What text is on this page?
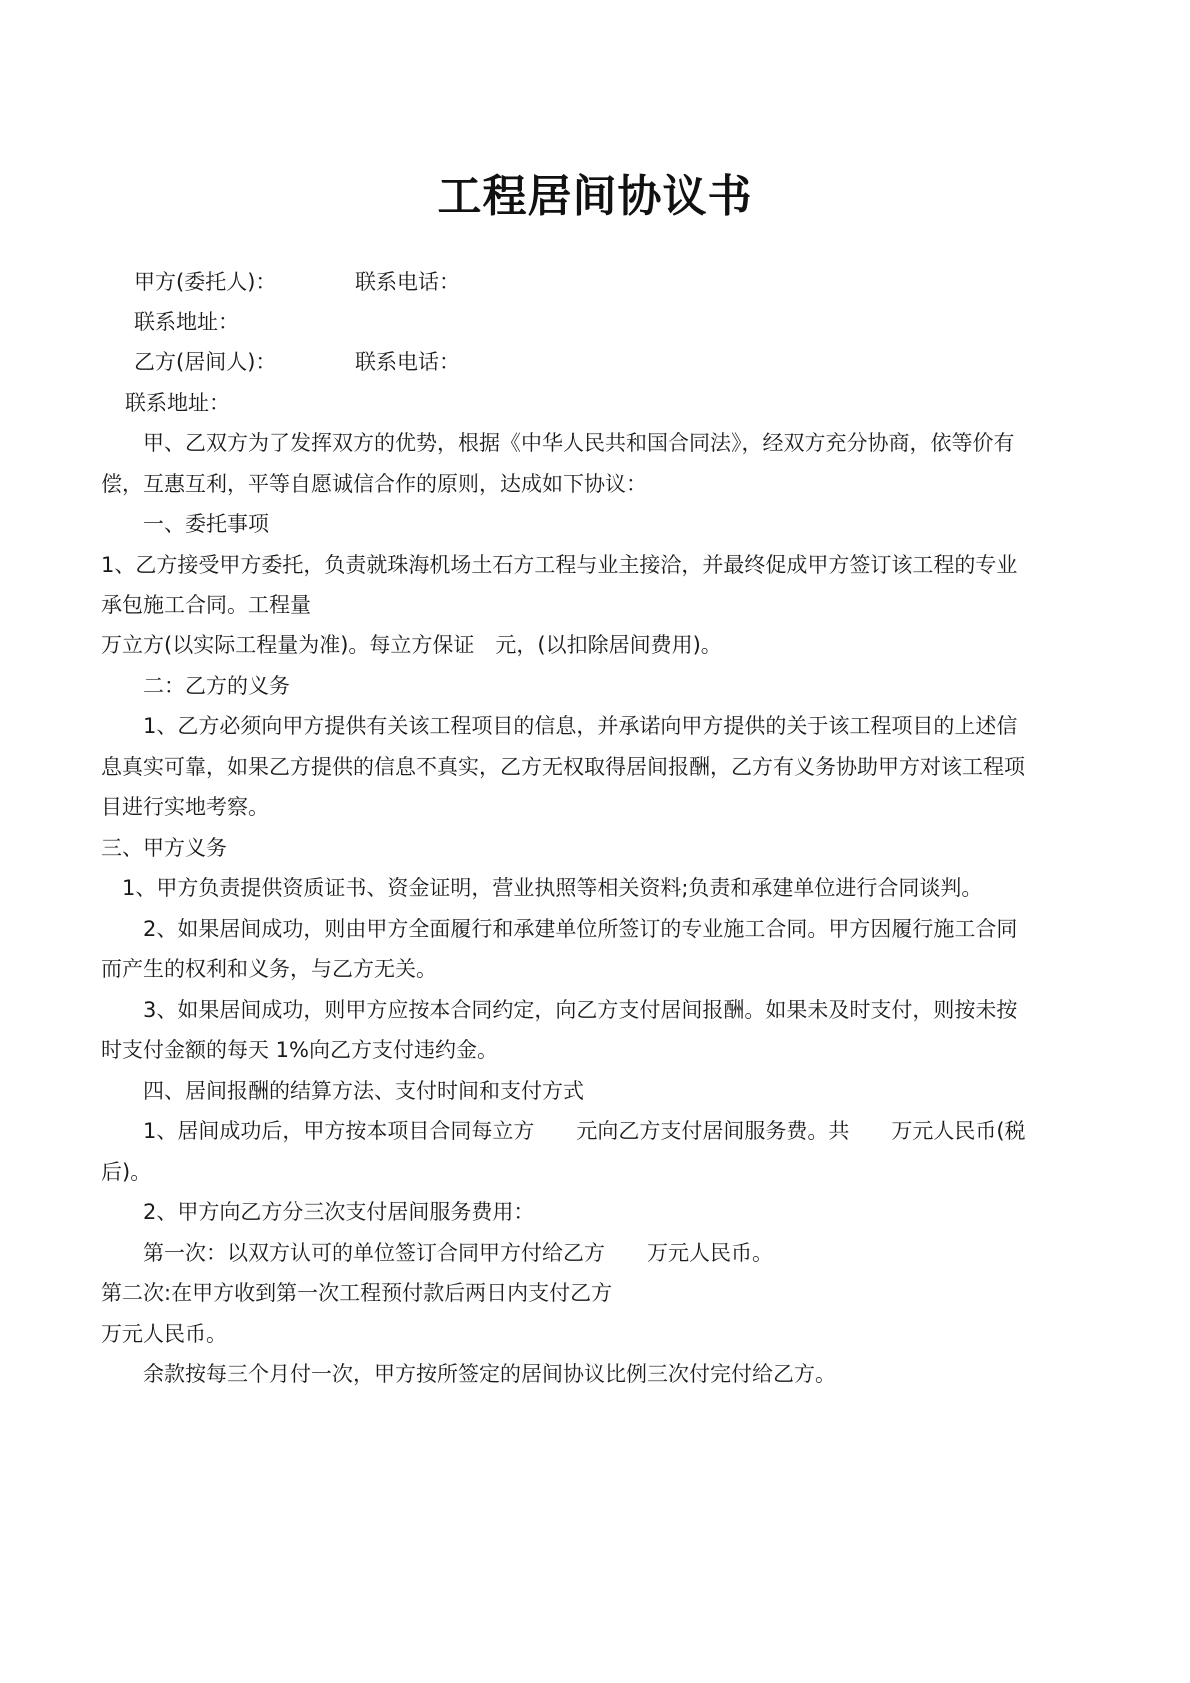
工程居间协议书
甲方(委托人)：	联系电话：
联系地址：
乙方(居间人)：	联系电话：
联系地址：
甲、乙双方为了发挥双方的优势，根据《中华人民共和国合同法》，经双方充分协商，依等价有
偿，互惠互利，平等自愿诚信合作的原则，达成如下协议：
一、委托事项
1、乙方接受甲方委托，负责就珠海机场土石方工程与业主接洽，并最终促成甲方签订该工程的专业
承包施工合同。工程量
万立方(以实际工程量为准)。每立方保证　元，(以扣除居间费用)。
二：乙方的义务
1、乙方必须向甲方提供有关该工程项目的信息，并承诺向甲方提供的关于该工程项目的上述信
息真实可靠，如果乙方提供的信息不真实，乙方无权取得居间报酬，乙方有义务协助甲方对该工程项
目进行实地考察。
三、甲方义务
1、甲方负责提供资质证书、资金证明，营业执照等相关资料;负责和承建单位进行合同谈判。
2、如果居间成功，则由甲方全面履行和承建单位所签订的专业施工合同。甲方因履行施工合同
而产生的权利和义务，与乙方无关。
3、如果居间成功，则甲方应按本合同约定，向乙方支付居间报酬。如果未及时支付，则按未按
时支付金额的每天 1%向乙方支付违约金。
四、居间报酬的结算方法、支付时间和支付方式
1、居间成功后，甲方按本项目合同每立方　　元向乙方支付居间服务费。共　　万元人民币(税
后)。
2、甲方向乙方分三次支付居间服务费用：
第一次：以双方认可的单位签订合同甲方付给乙方　　万元人民币。
第二次:在甲方收到第一次工程预付款后两日内支付乙方
万元人民币。
余款按每三个月付一次，甲方按所签定的居间协议比例三次付完付给乙方。
